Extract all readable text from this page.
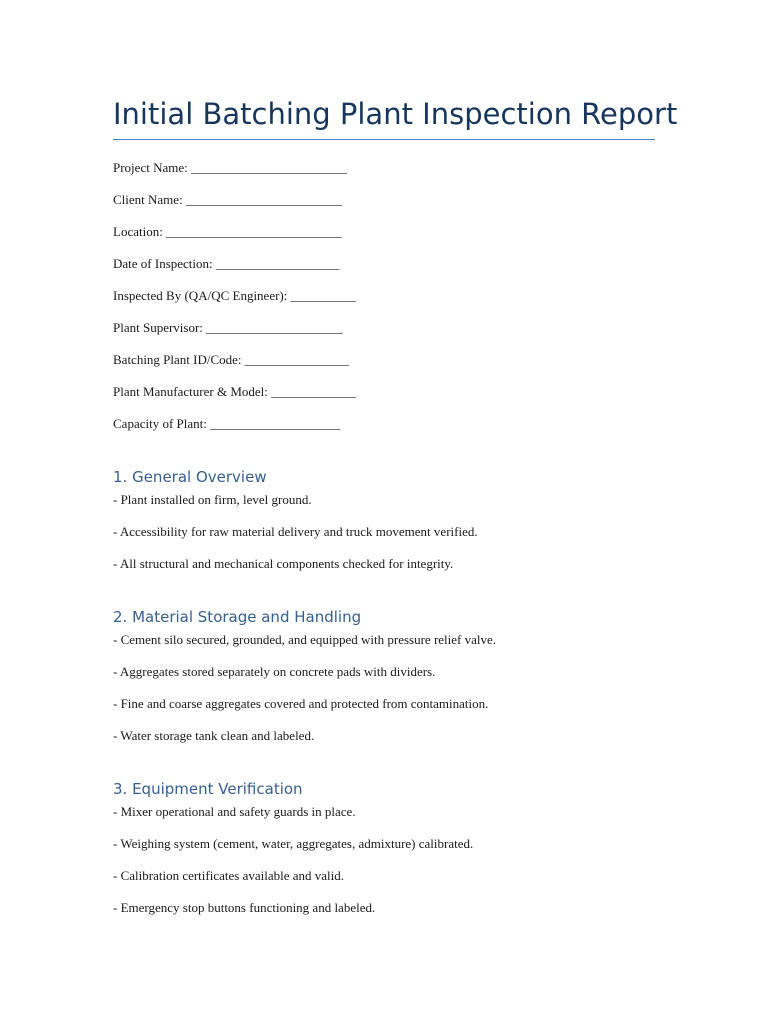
Initial Batching Plant Inspection Report

Project Name: ________________________

Client Name: ________________________

Location: ___________________________

Date of Inspection: ___________________

Inspected By (QA/QC Engineer): __________

Plant Supervisor: _____________________

Batching Plant ID/Code: ________________

Plant Manufacturer & Model: _____________

Capacity of Plant: ____________________

1. General Overview

- Plant installed on firm, level ground.

- Accessibility for raw material delivery and truck movement verified.

- All structural and mechanical components checked for integrity.

2. Material Storage and Handling

- Cement silo secured, grounded, and equipped with pressure relief valve.

- Aggregates stored separately on concrete pads with dividers.

- Fine and coarse aggregates covered and protected from contamination.

- Water storage tank clean and labeled.

3. Equipment Verification

- Mixer operational and safety guards in place.

- Weighing system (cement, water, aggregates, admixture) calibrated.

- Calibration certificates available and valid.

- Emergency stop buttons functioning and labeled.
